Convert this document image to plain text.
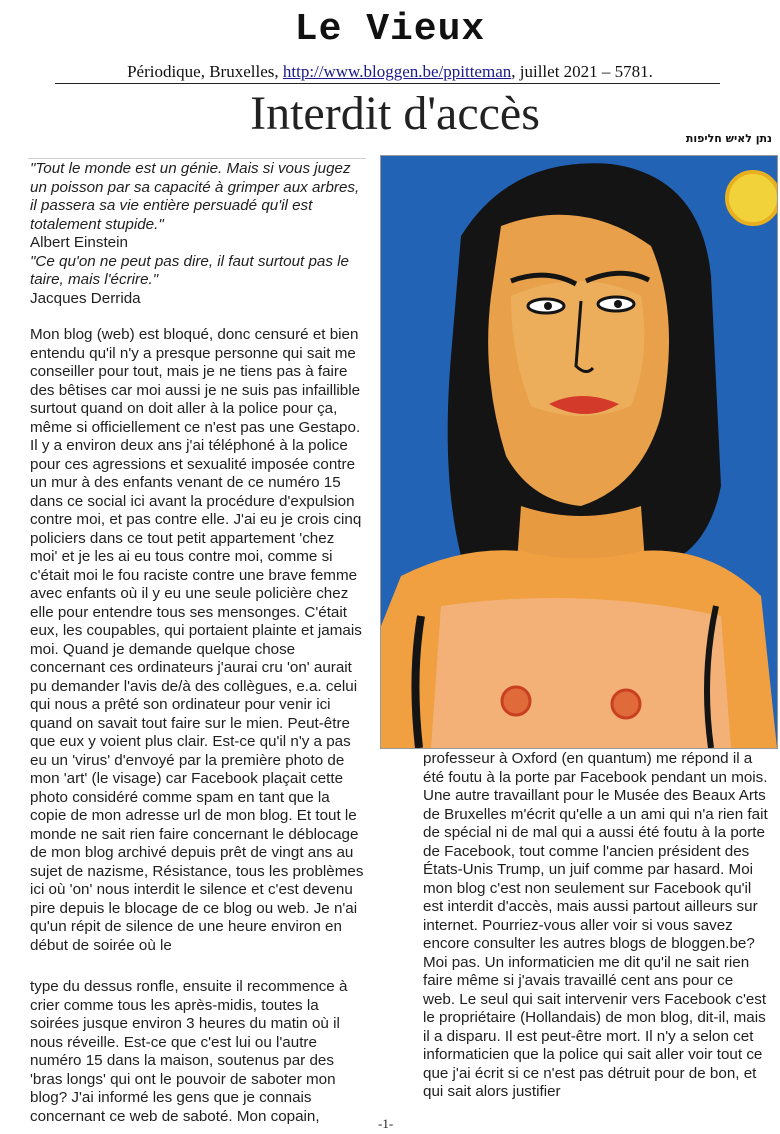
Le Vieux
Périodique, Bruxelles, http://www.bloggen.be/ppitteman, juillet 2021 – 5781.
Interdit d'accès	נתן לאיש חליפות

"Tout le monde est un génie. Mais si vous jugez un poisson par sa capacité à grimper aux arbres, il passera sa vie entière persuadé qu'il est totalement stupide."

Albert Einstein

"Ce qu'on ne peut pas dire, il faut surtout pas le taire, mais l'écrire."

Jacques Derrida

Mon blog (web) est bloqué, donc censuré et bien entendu qu'il n'y a presque personne qui sait me conseiller pour tout, mais je ne tiens pas à faire des bêtises car moi aussi je ne suis pas infaillible surtout quand on doit aller à la police pour ça, même si officiellement ce n'est pas une Gestapo. Il y a environ deux ans j'ai téléphoné à la police pour ces agressions et sexualité imposée contre un mur à des enfants venant de ce numéro 15 dans ce social ici avant la procédure d'expulsion contre moi, et pas contre elle. J'ai eu je crois cinq policiers dans ce tout petit appartement 'chez moi' et je les ai eu tous contre moi, comme si c'était moi le fou raciste contre une brave femme avec enfants où il y eu une seule policière chez elle pour entendre tous ses mensonges. C'était eux, les coupables, qui portaient plainte et jamais moi. Quand je demande quelque chose concernant ces ordinateurs j'aurai cru 'on' aurait pu demander l'avis de/à des collègues, e.a. celui qui nous a prêté son ordinateur pour venir ici quand on savait tout faire sur le mien. Peut-être que eux y voient plus clair. Est-ce qu'il n'y a pas eu un 'virus' d'envoyé par la première photo de mon 'art' (le visage) car Facebook plaçait cette photo considéré comme spam en tant que la copie de mon adresse url de mon blog. Et tout le monde ne sait rien faire concernant le déblocage de mon blog archivé depuis prêt de vingt ans au sujet de nazisme, Résistance, tous les problèmes ici où 'on' nous interdit le silence et c'est devenu pire depuis le blocage de ce blog ou web. Je n'ai qu'un répit de silence de une heure environ en début de soirée où le

type du dessus ronfle, ensuite il recommence à crier comme tous les après-midis, toutes la soirées jusque environ 3 heures du matin où il nous réveille. Est-ce que c'est lui ou l'autre numéro 15 dans la maison, soutenus par des 'bras longs' qui ont le pouvoir de saboter mon blog? J'ai informé les gens que je connais concernant ce web de saboté. Mon copain,

professeur à Oxford (en quantum) me répond il a été foutu à la porte par Facebook pendant un mois. Une autre travaillant pour le Musée des Beaux Arts de Bruxelles m'écrit qu'elle a un ami qui n'a rien fait de spécial ni de mal qui a aussi été foutu à la porte de Facebook, tout comme l'ancien président des États-Unis Trump, un juif comme par hasard. Moi mon blog c'est non seulement sur Facebook qu'il est interdit d'accès, mais aussi partout ailleurs sur internet. Pourriez-vous aller voir si vous savez encore consulter les autres blogs de bloggen.be? Moi pas. Un informaticien me dit qu'il ne sait rien faire même si j'avais travaillé cent ans pour ce web. Le seul qui sait intervenir vers Facebook c'est le propriétaire (Hollandais) de mon blog, dit-il, mais il a disparu. Il est peut-être mort. Il n'y a selon cet informaticien que la police qui sait aller voir tout ce que j'ai écrit si ce n'est pas détruit pour de bon, et qui sait alors justifier

-1-
